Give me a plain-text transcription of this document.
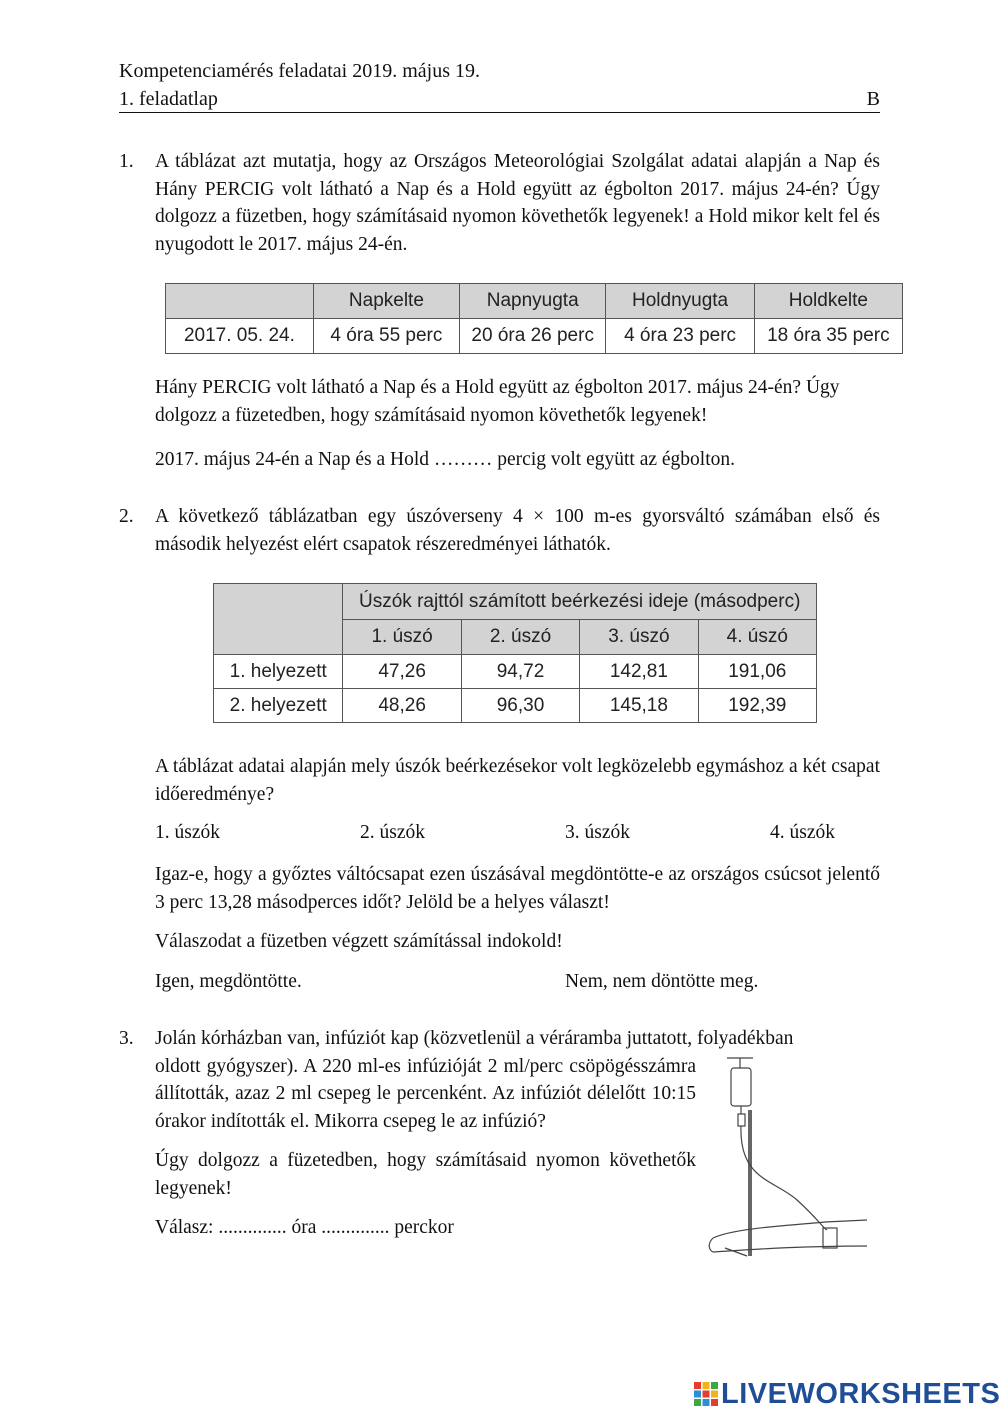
Kompetenciamérés feladatai 2019. május 19.
1. feladatlap	B
1. A táblázat azt mutatja, hogy az Országos Meteorológiai Szolgálat adatai alapján a Nap és Hány PERCIG volt látható a Nap és a Hold együtt az égbolton 2017. május 24-én? Úgy dolgozz a füzetben, hogy számításaid nyomon követhetők legyenek! a Hold mikor kelt fel és nyugodott le 2017. május 24-én.

	Napkelte	Napnyugta	Holdnyugta	Holdkelte
2017. 05. 24.	4 óra 55 perc	20 óra 26 perc	4 óra 23 perc	18 óra 35 perc

Hány PERCIG volt látható a Nap és a Hold együtt az égbolton 2017. május 24-én? Úgy dolgozz a füzetedben, hogy számításaid nyomon követhetők legyenek!

2017. május 24-én a Nap és a Hold ……… percig volt együtt az égbolton.

2. A következő táblázatban egy úszóverseny 4 × 100 m-es gyorsváltó számában első és második helyezést elért csapatok részeredményei láthatók.

	Úszók rajttól számított beérkezési ideje (másodperc)			
	1. úszó	2. úszó	3. úszó	4. úszó
1. helyezett	47,26	94,72	142,81	191,06
2. helyezett	48,26	96,30	145,18	192,39

A táblázat adatai alapján mely úszók beérkezésekor volt legközelebb egymáshoz a két csapat időeredménye?

1. úszók	2. úszók	3. úszók	4. úszók

Igaz-e, hogy a győztes váltócsapat ezen úszásával megdöntötte-e az országos csúcsot jelentő 3 perc 13,28 másodperces időt? Jelöld be a helyes választ!

Válaszodat a füzetben végzett számítással indokold!

Igen, megdöntötte.	Nem, nem döntötte meg.
3. Jolán kórházban van, infúziót kap (közvetlenül a véráramba juttatott, folyadékban

oldott gyógyszer). A 220 ml-es infúzióját 2 ml/perc csöpögésszámra állították, azaz 2 ml csepeg le percenként. Az infúziót délelőtt 10:15 órakor indították el. Mikorra csepeg le az infúzió?

Úgy dolgozz a füzetedben, hogy számításaid nyomon követhetők legyenek!

Válasz: .............. óra .............. perckor

LIVEWORKSHEETS
